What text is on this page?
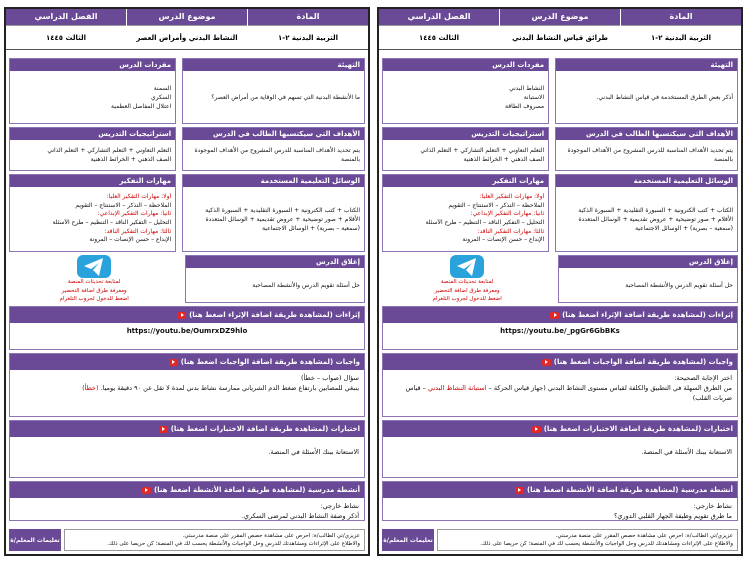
المادة
التربية البدنية ٢-١
موضوع الدرس
طرائق قياس النشاط البدني
الفصل الدراسي
الثالث ١٤٤٥
التهيئة
أذكر بعض الطرق المستخدمة في قياس النشاط البدني.
مفردات الدرس
النشاط البدني
الاستبانة
مصروف الطاقة
الأهداف التي سيكتسبها الطالب في الدرس
يتم تحديد الأهداف المناسبة للدرس المشروح من الأهداف الموجودة بالمنصة
استراتيجيات التدريس
التعلم التعاوني + التعلم التشاركي + التعلم الذاتي
الصف الذهني + الخرائط الذهنية
الوسائل التعليمية المستخدمة
الكتاب + كتب الكترونية + السبورة التقليدية + السبورة الذكية
الأقلام + صور توضيحية + عروض تقديمية + الوسائل المتعددة
(سمعية – بصرية) + الوسائل الاجتماعية
مهارات التفكير
أولا: مهارات التفكير العليا:
الملاحظة – التذكر – الاستنتاج – التقويم
ثانيا: مهارات التفكير الإبداعي:
التحليل – التفكير الناقد – التنظيم – طرح الأسئلة
ثالثا: مهارات التفكير الناقد:
الإبداع – حسن الإنصات – المرونة
إغلاق الدرس
حل أسئلة تقويم الدرس والأنشطة المصاحبة
لمتابعة تحديثات المنصة
ومعرفة طرق اضافة التحضير
اضغط للدخول لجروب التلغرام
إثراءات (لمشاهدة طريقة اضافة الإثراء اضغط هنا)
https://youtu.be/_pgGr6GbBKs
واجبات (لمشاهدة طريقة اضافة الواجبات اضغط هنا)
اختر الإجابة الصحيحة:
من الطرق السهلة في التطبيق والكلفة لقياس مستوى النشاط البدني (جهاز قياس الحركة – استبانة النشاط البدني – قياس ضربات القلب)
اختبارات (لمشاهدة طريقة اضافة الاختبارات اضغط هنا)
الاستعانة ببنك الأسئلة في المنصة.
أنشطة مدرسية (لمشاهدة طريقة اضافة الأنشطة اضغط هنا)
نشاط خارجي:
ما طرق تقويم وظيفة الجهاز القلبي الدوري؟
عزيزي/تي الطالب/ة: احرص على مشاهدة حصص المقرر على منصة مدرستي.
والاطلاع على الإثراءات ومشاهدتك للدرس وحل الواجبات والأنشطة يحسب لك في المنصة؛ كن حريصا على ذلك.
تعليمات المعلم/ة
المادة
التربية البدنية ٢-١
موضوع الدرس
النشاط البدني وأمراض العصر
الفصل الدراسي
الثالث ١٤٤٥
التهيئة
ما الأنشطة البدنية التي تسهم في الوقاية من أمراض العصر؟
مفردات الدرس
السمنة
السكري
اعتلال المفاصل العظمية
الأهداف التي سيكتسبها الطالب في الدرس
يتم تحديد الأهداف المناسبة للدرس المشروح من الأهداف الموجودة بالمنصة
استراتيجيات التدريس
التعلم التعاوني + التعلم التشاركي + التعلم الذاتي
الصف الذهني + الخرائط الذهنية
الوسائل التعليمية المستخدمة
الكتاب + كتب الكترونية + السبورة التقليدية + السبورة الذكية
الأقلام + صور توضيحية + عروض تقديمية + الوسائل المتعددة
(سمعية – بصرية) + الوسائل الاجتماعية
مهارات التفكير
أولا: مهارات التفكير العليا:
الملاحظة – التذكر – الاستنتاج – التقويم
ثانيا: مهارات التفكير الإبداعي:
التحليل – التفكير الناقد – التنظيم – طرح الأسئلة
ثالثا: مهارات التفكير الناقد:
الإبداع – حسن الإنصات – المرونة
إغلاق الدرس
حل أسئلة تقويم الدرس والأنشطة المصاحبة
لمتابعة تحديثات المنصة
ومعرفة طرق اضافة التحضير
اضغط للدخول لجروب التلغرام
إثراءات (لمشاهدة طريقة اضافة الإثراء اضغط هنا)
https://youtu.be/OumrxDZ9hlo
واجبات (لمشاهدة طريقة اضافة الواجبات اضغط هنا)
سؤال (صواب – خطأ)
ينبغي للمصابين بارتفاع ضغط الدم الشرياني ممارسة نشاط بدني لمدة لا تقل عن ٩٠ دقيقة يوميا. (خطأ)
اختبارات (لمشاهدة طريقة اضافة الاختبارات اضغط هنا)
الاستعانة ببنك الأسئلة في المنصة.
أنشطة مدرسية (لمشاهدة طريقة اضافة الأنشطة اضغط هنا)
نشاط خارجي:
أذكر وصفة النشاط البدني لمرضى السكري.
عزيزي/تي الطالب/ة: احرص على مشاهدة حصص المقرر على منصة مدرستي.
والاطلاع على الإثراءات ومشاهدتك للدرس وحل الواجبات والأنشطة يحسب لك في المنصة؛ كن حريصا على ذلك.
تعليمات المعلم/ة
